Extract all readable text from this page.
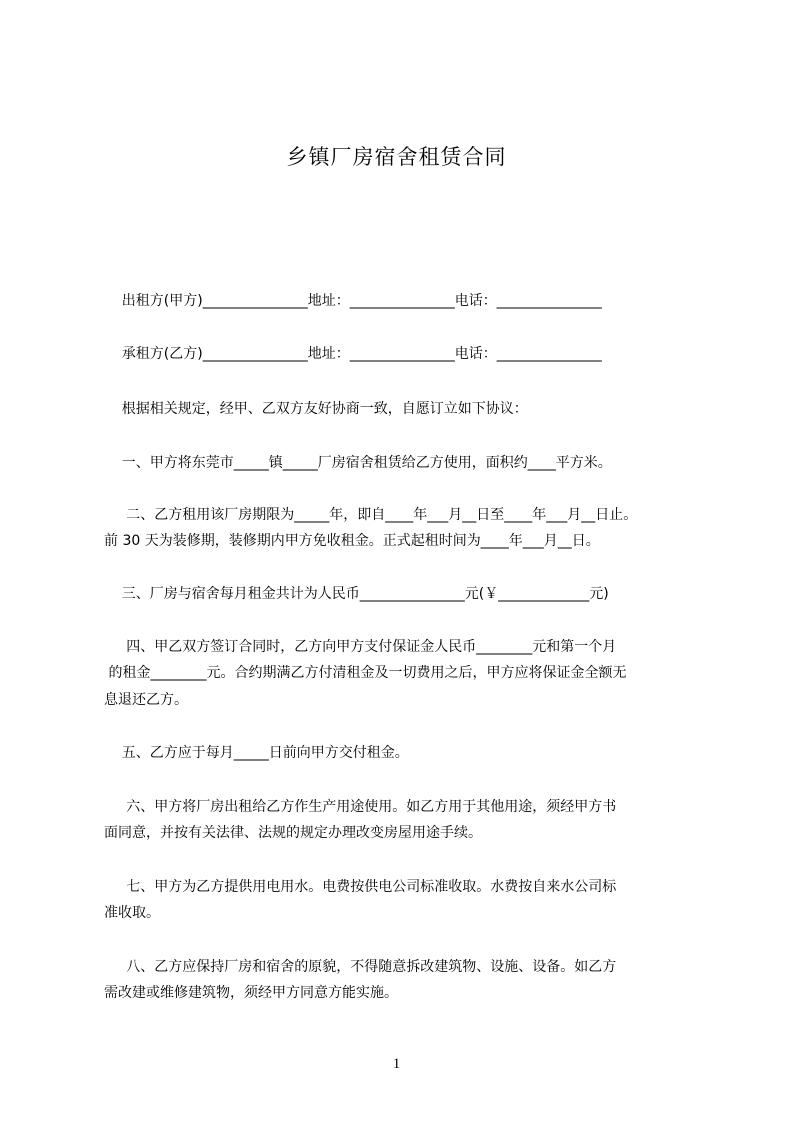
乡镇厂房宿舍租赁合同
出租方(甲方)_______________地址：_______________电话：_______________
承租方(乙方)_______________地址：_______________电话：_______________
根据相关规定，经甲、乙双方友好协商一致，自愿订立如下协议：
一、甲方将东莞市_____镇_____厂房宿舍租赁给乙方使用，面积约____平方米。
二、乙方租用该厂房期限为_____年，即自____年___月__日至____年___月__日止。
前 30 天为装修期，装修期内甲方免收租金。正式起租时间为____年___月__日。
三、厂房与宿舍每月租金共计为人民币_______________元(￥_____________元)
四、甲乙双方签订合同时，乙方向甲方支付保证金人民币________元和第一个月
的租金________元。合约期满乙方付清租金及一切费用之后，甲方应将保证金全额无
息退还乙方。
五、乙方应于每月_____日前向甲方交付租金。
六、甲方将厂房出租给乙方作生产用途使用。如乙方用于其他用途，须经甲方书
面同意，并按有关法律、法规的规定办理改变房屋用途手续。
七、甲方为乙方提供用电用水。电费按供电公司标准收取。水费按自来水公司标
准收取。
八、乙方应保持厂房和宿舍的原貌，不得随意拆改建筑物、设施、设备。如乙方
需改建或维修建筑物，须经甲方同意方能实施。
1
